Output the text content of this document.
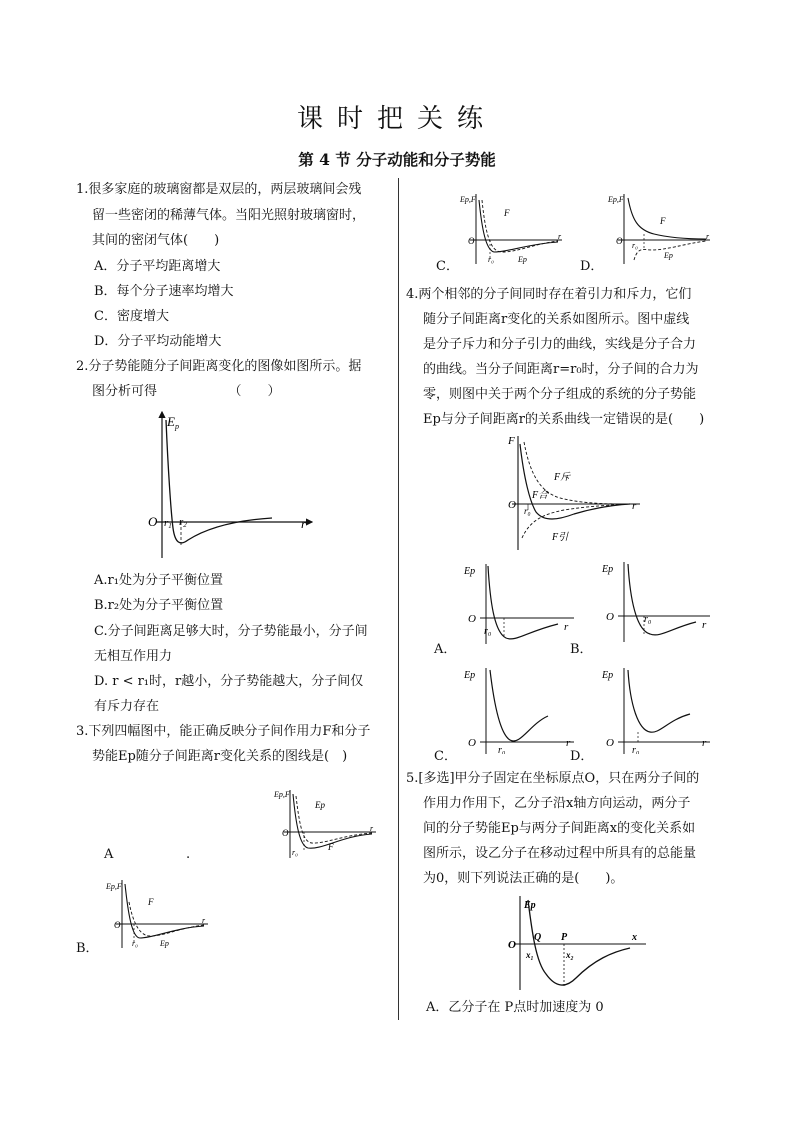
课时把关练
第 4 节 分子动能和分子势能
1.很多家庭的玻璃窗都是双层的，两层玻璃间会残
留一些密闭的稀薄气体。当阳光照射玻璃窗时，
其间的密闭气体(　　)
A．分子平均距离增大
B．每个分子速率均增大
C．密度增大
D．分子平均动能增大
2.分子势能随分子间距离变化的图像如图所示。据
图分析可得　　　　　　（　　）
$E_p$
O r1 r2	r
A.r₁处为分子平衡位置
B.r₂处为分子平衡位置
C.分子间距离足够大时，分子势能最小，分子间
无相互作用力
D. r < r₁时，r越小，分子势能越大，分子间仅
有斥力存在
3.下列四幅图中，能正确反映分子间作用力F和分子
势能Ep随分子间距离r变化关系的图线是(　)
Ep,F
Ep
O	r
r₀
F
A	.
Ep,F
F
O	r
r₀	Ep
B．
Ep,F
F
O	r
r₀	Ep
C．
Ep,F
F
O	r
r₀
Ep
D．
4.两个相邻的分子间同时存在着引力和斥力，它们
随分子间距离r变化的关系如图所示。图中虚线
是分子斥力和分子引力的曲线，实线是分子合力
的曲线。当分子间距离r=r₀时，分子间的合力为
零，则图中关于两个分子组成的系统的分子势能
Ep与分子间距离r的关系曲线一定错误的是(　　)
F
F斥
F合
F引
O r₀	r
Ep
O
r₀	r
A．
Ep
O	r₀	r
B．
Ep
O
r₀
r
C．
Ep
O
r₀
r
D．
5.[多选]甲分子固定在坐标原点O，只在两分子间的
作用力作用下，乙分子沿x轴方向运动，两分子
间的分子势能Ep与两分子间距离x的变化关系如
图所示，设乙分子在移动过程中所具有的总能量
为0，则下列说法正确的是(　　)。
Ep
O
Q P	x
x₁	x₂
A．乙分子在 P点时加速度为 0
